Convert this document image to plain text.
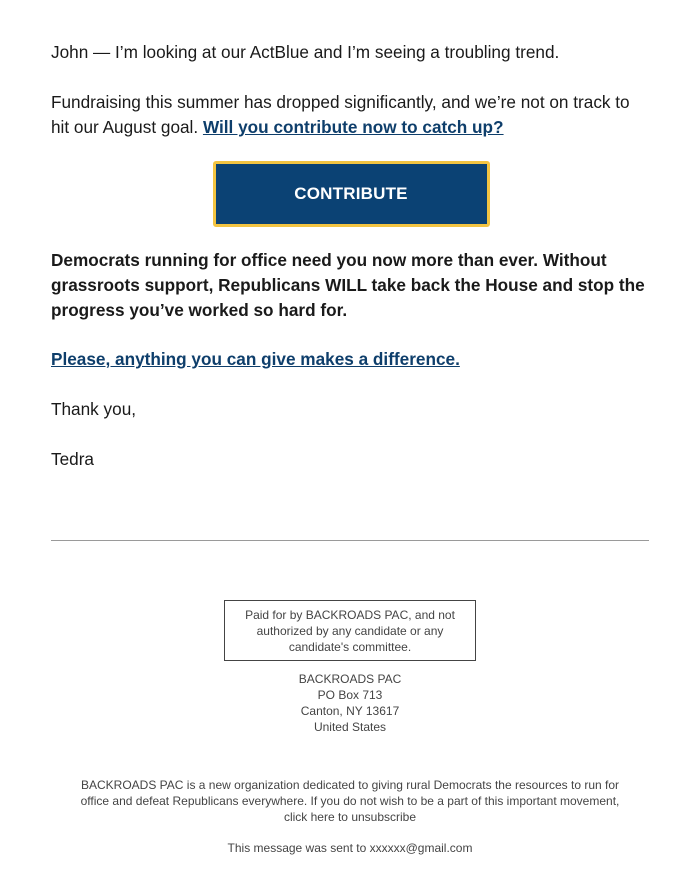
John — I’m looking at our ActBlue and I’m seeing a troubling trend.

Fundraising this summer has dropped significantly, and we’re not on track to hit our August goal. Will you contribute now to catch up?

CONTRIBUTE

Democrats running for office need you now more than ever. Without grassroots support, Republicans WILL take back the House and stop the progress you’ve worked so hard for.

Please, anything you can give makes a difference.

Thank you,

Tedra

Paid for by BACKROADS PAC, and not authorized by any candidate or any candidate's committee.
BACKROADS PAC
PO Box 713
Canton, NY 13617
United States
BACKROADS PAC is a new organization dedicated to giving rural Democrats the resources to run for office and defeat Republicans everywhere. If you do not wish to be a part of this important movement, click here to unsubscribe
This message was sent to xxxxxx@gmail.com
